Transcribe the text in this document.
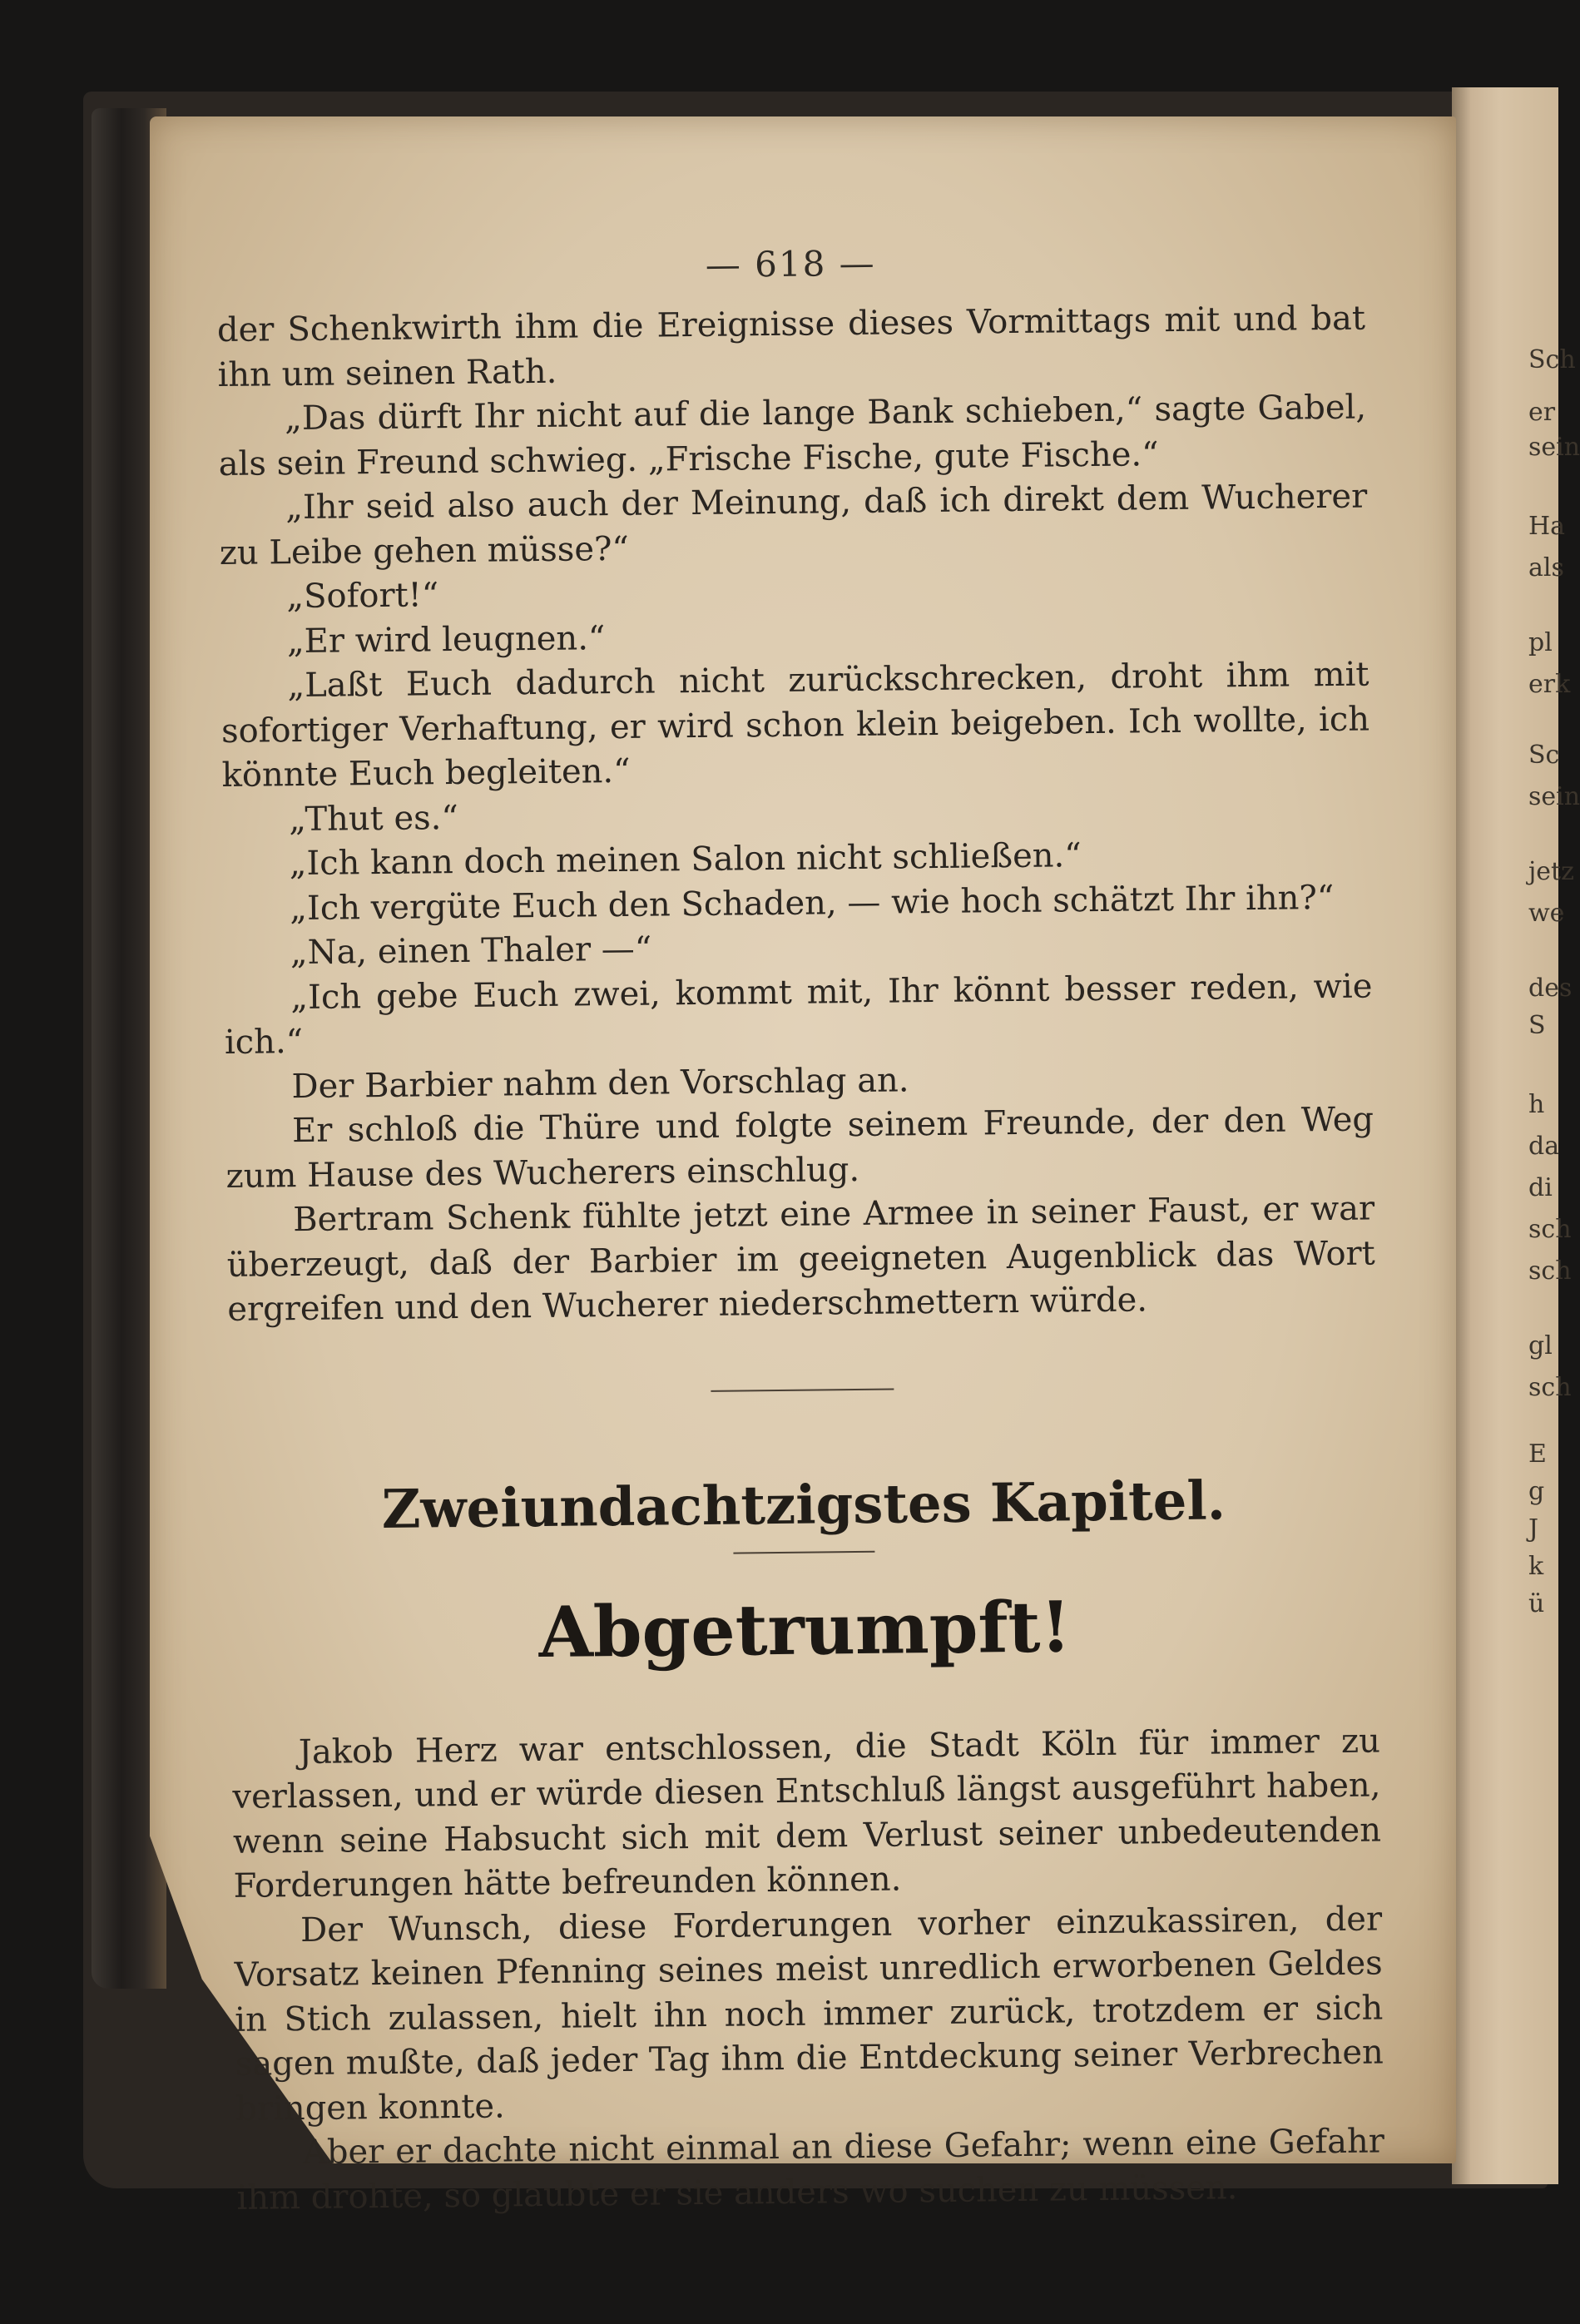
Sch
er
sein
Ha
als
pl
erk
Sc
sein
jetz
we
des
S
h
da
di
sch
sch
gl
sch
E
g
J
k
ü
— 618 —

der Schenkwirth ihm die Ereignisse dieses Vormittags mit und bat ihn um seinen Rath.

„Das dürft Ihr nicht auf die lange Bank schieben,“ sagte Gabel, als sein Freund schwieg. „Frische Fische, gute Fische.“

„Ihr seid also auch der Meinung, daß ich direkt dem Wucherer zu Leibe gehen müsse?“

„Sofort!“

„Er wird leugnen.“

„Laßt Euch dadurch nicht zurückschrecken, droht ihm mit sofortiger Verhaftung, er wird schon klein beigeben. Ich wollte, ich könnte Euch begleiten.“

„Thut es.“

„Ich kann doch meinen Salon nicht schließen.“

„Ich vergüte Euch den Schaden, — wie hoch schätzt Ihr ihn?“

„Na, einen Thaler —“

„Ich gebe Euch zwei, kommt mit, Ihr könnt besser reden, wie ich.“

Der Barbier nahm den Vorschlag an.

Er schloß die Thüre und folgte seinem Freunde, der den Weg zum Hause des Wucherers einschlug.

Bertram Schenk fühlte jetzt eine Armee in seiner Faust, er war überzeugt, daß der Barbier im geeigneten Augenblick das Wort ergreifen und den Wucherer niederschmettern würde.

Zweiundachtzigstes Kapitel.
Abgetrumpft!

Jakob Herz war entschlossen, die Stadt Köln für immer zu verlassen, und er würde diesen Entschluß längst ausgeführt haben, wenn seine Habsucht sich mit dem Verlust seiner unbedeutenden Forderungen hätte befreunden können.

Der Wunsch, diese Forderungen vorher einzukassiren, der Vorsatz keinen Pfenning seines meist unredlich erworbenen Geldes in Stich zulassen, hielt ihn noch immer zurück, trotzdem er sich sagen mußte, daß jeder Tag ihm die Entdeckung seiner Verbrechen bringen konnte.

Aber er dachte nicht einmal an diese Gefahr; wenn eine Gefahr ihm drohte, so glaubte er sie anders wo suchen zu müssen.
